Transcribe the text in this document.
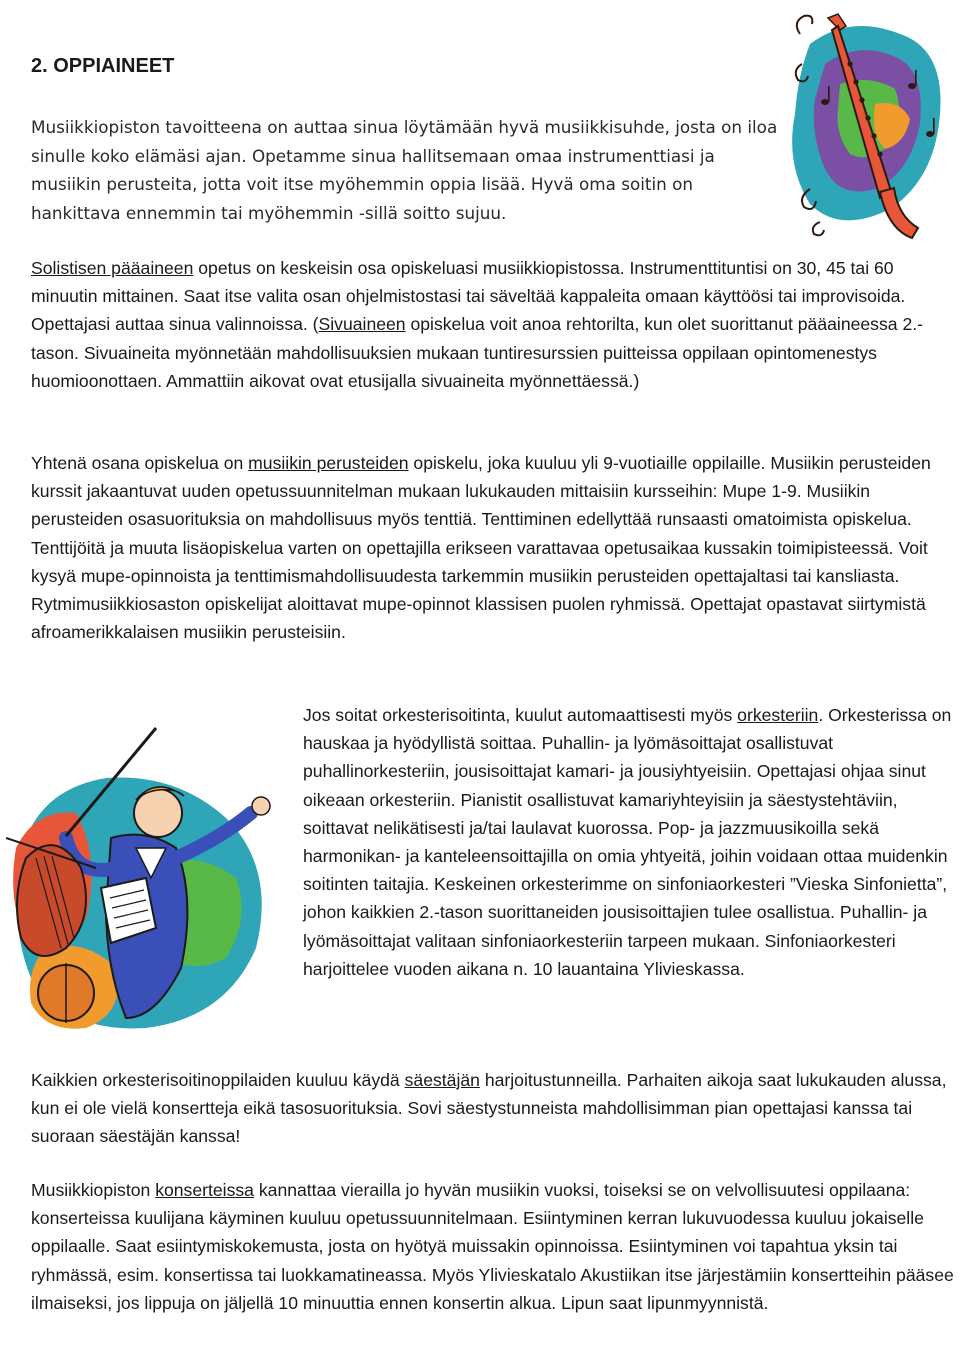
2. OPPIAINEET

Musiikkiopiston tavoitteena on auttaa sinua löytämään hyvä musiikkisuhde, josta on iloa sinulle koko elämäsi ajan. Opetamme sinua hallitsemaan omaa instrumenttiasi ja musiikin perusteita, jotta voit itse myöhemmin oppia lisää. Hyvä oma soitin on hankittava ennemmin tai myöhemmin -sillä soitto sujuu.

Solistisen pääaineen opetus on keskeisin osa opiskeluasi musiikkiopistossa. Instrumenttituntisi on 30, 45 tai 60 minuutin mittainen. Saat itse valita osan ohjelmistostasi tai säveltää kappaleita omaan käyttöösi tai improvisoida. Opettajasi auttaa sinua valinnoissa. (Sivuaineen opiskelua voit anoa rehtorilta, kun olet suorittanut pääaineessa 2.-tason. Sivuaineita myönnetään mahdollisuuksien mukaan tuntiresurssien puitteissa oppilaan opintomenestys huomioonottaen. Ammattiin aikovat ovat etusijalla sivuaineita myönnettäessä.)

Yhtenä osana opiskelua on musiikin perusteiden opiskelu, joka kuuluu yli 9-vuotiaille oppilaille. Musiikin perusteiden kurssit jakaantuvat uuden opetussuunnitelman mukaan lukukauden mittaisiin kursseihin: Mupe 1-9. Musiikin perusteiden osasuorituksia on mahdollisuus myös tenttiä. Tenttiminen edellyttää runsaasti omatoimista opiskelua. Tenttijöitä ja muuta lisäopiskelua varten on opettajilla erikseen varattavaa opetusaikaa kussakin toimipisteessä. Voit kysyä mupe-opinnoista ja tenttimismahdollisuudesta tarkemmin musiikin perusteiden opettajaltasi tai kansliasta. Rytmimusiikkiosaston opiskelijat aloittavat mupe-opinnot klassisen puolen ryhmissä. Opettajat opastavat siirtymistä afroamerikkalaisen musiikin perusteisiin.

Jos soitat orkesterisoitinta, kuulut automaattisesti myös orkesteriin. Orkesterissa on hauskaa ja hyödyllistä soittaa. Puhallin- ja lyömäsoittajat osallistuvat puhallinorkesteriin, jousisoittajat kamari- ja jousiyhtyeisiin. Opettajasi ohjaa sinut oikeaan orkesteriin. Pianistit osallistuvat kamariyhteyisiin ja säestystehtäviin, soittavat nelikätisesti ja/tai laulavat kuorossa. Pop- ja jazzmuusikoilla sekä harmonikan- ja kanteleensoittajilla on omia yhtyeitä, joihin voidaan ottaa muidenkin soitinten taitajia. Keskeinen orkesterimme on sinfoniaorkesteri ”Vieska Sinfonietta”, johon kaikkien 2.-tason suorittaneiden jousisoittajien tulee osallistua. Puhallin- ja lyömäsoittajat valitaan sinfoniaorkesteriin tarpeen mukaan. Sinfoniaorkesteri harjoittelee vuoden aikana n. 10 lauantaina Ylivieskassa.

Kaikkien orkesterisoitinoppilaiden kuuluu käydä säestäjän harjoitustunneilla. Parhaiten aikoja saat lukukauden alussa, kun ei ole vielä konsertteja eikä tasosuorituksia. Sovi säestystunneista mahdollisimman pian opettajasi kanssa tai suoraan säestäjän kanssa!

Musiikkiopiston konserteissa kannattaa vierailla jo hyvän musiikin vuoksi, toiseksi se on velvollisuutesi oppilaana: konserteissa kuulijana käyminen kuuluu opetussuunnitelmaan. Esiintyminen kerran lukuvuodessa kuuluu jokaiselle oppilaalle. Saat esiintymiskokemusta, josta on hyötyä muissakin opinnoissa. Esiintyminen voi tapahtua yksin tai ryhmässä, esim. konsertissa tai luokkamatineassa. Myös Ylivieskatalo Akustiikan itse järjestämiin konsertteihin pääsee ilmaiseksi, jos lippuja on jäljellä 10 minuuttia ennen konsertin alkua. Lipun saat lipunmyynnistä.
